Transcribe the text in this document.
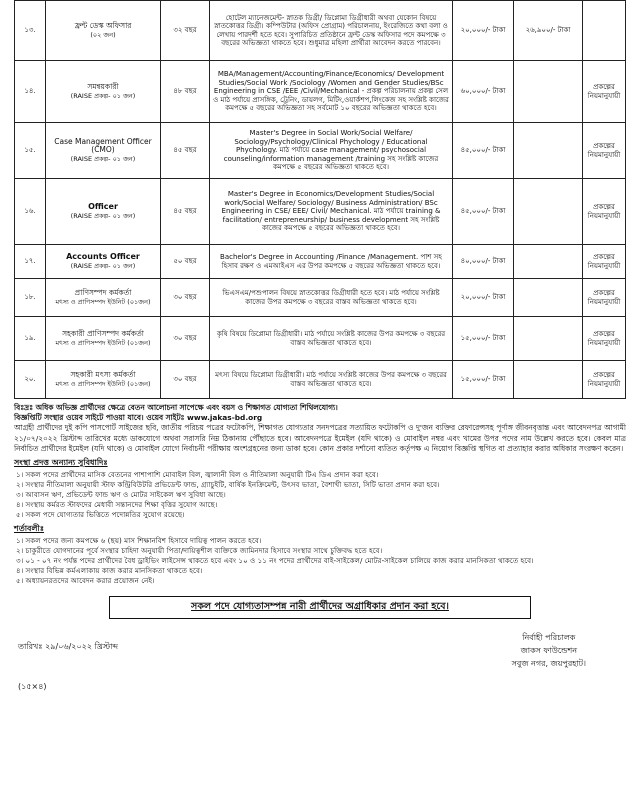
১৩.	ফ্রন্ট ডেস্ক অফিসার
(০২ জন)	৩২ বছর	হোটেল ম্যানেজমেন্ট- স্নাতক ডিগ্রী/ ডিপ্লোমা ডিগ্রীধারী অথবা যেকোন বিষয়ে স্নাতকোত্তর ডিগ্রী। কম্পিউটার (অফিস প্রোগ্রাম) পরিচালনায়, ইংরেজিতে কথা বলা ও লেখায় পারদর্শী হতে হবে। সুপারিচিত প্রতিষ্ঠানে ফ্রন্ট ডেস্ক অফিসার পদে কমপক্ষে ৩ বছরের অভিজ্ঞতা থাকতে হবে। শুধুমাত্র মহিলা প্রার্থীরা আবেদন করতে পারবেন।	২০,০০০/- টাকা	২৬,৯০০/- টাকা	
১৪.	সমন্বয়কারী
(RAISE প্রকল্প- ০১ জন)	৪৮ বছর	MBA/Management/Accounting/Finance/Economics/ Development Studies/Social Work /Sociology /Women and Gender Studies/BSc Engineering in CSE /EEE /Civil/Mechanical - প্রকল্প পরিচালনায় প্রকল্প সেল ও মাঠ পর্যায়ে প্রাসঙ্গিক, ট্রেনিং, ডায়লগ, মিটিং,ওয়ার্কশপ,লিংকেজ সহ সংশ্লিষ্ট কাজের কমপক্ষে ৫ বছরের অভিজ্ঞতা সহ সর্বমোট ১০ বছরের অভিজ্ঞতা থাকতে হবে।	৬০,০০০/- টাকা		প্রকল্পের নিয়মানুযায়ী
১৫.	Case Management Officer (CMO)
(RAISE প্রকল্প- ০১ জন)	৪৫ বছর	Master's Degree in Social Work/Social Welfare/ Sociology/Psychology/Clinical Phychology / Educational Phychology. মাঠ পর্যায়ে case management/ psychosocial counseling/information management /training সহ সংশ্লিষ্ট কাজের কমপক্ষে ৫ বছরের অভিজ্ঞতা থাকতে হবে।	৪৫,০০০/- টাকা		প্রকল্পের নিয়মানুযায়ী
১৬.	Officer
(RAISE প্রকল্প- ০১ জন)	৪৫ বছর	Master's Degree in Economics/Development Studies/Social work/Social Welfare/ Sociology/ Business Administration/ BSc Engineering in CSE/ EEE/ Civil/ Mechanical. মাঠ পর্যায়ে training & facilitation/ entrepreneurship/ business development সহ সংশ্লিষ্ট কাজের কমপক্ষে ৫ বছরের অভিজ্ঞতা থাকতে হবে।	৪৫,০০০/- টাকা		প্রকল্পের নিয়মানুযায়ী
১৭.	Accounts Officer
(RAISE প্রকল্প- ০১ জন)	৫০ বছর	Bachelor's Degree in Accounting /Finance /Management. পাশ সহ হিসাব রক্ষণ ও এমআইএস এর উপর কমপক্ষে ৫ বছরের অভিজ্ঞতা থাকতে হবে।	৪০,০০০/- টাকা		প্রকল্পের নিয়মানুযায়ী
১৮.	প্রাণিসম্পদ কর্মকর্তা
মৎস্য ও প্রাণিসম্পদ ইউনিট (০১জন)	৩০ বছর	ভিএসএম/পশুপালন বিষয়ে স্নাতকোত্তর ডিগ্রীধারী হতে হবে। মাঠ পর্যায়ে সংশ্লিষ্ট কাজের উপর কমপক্ষে ৩ বছরের বাস্তব অভিজ্ঞতা থাকতে হবে।	২০,০০০/- টাকা		প্রকল্পের নিয়মানুযায়ী
১৯.	সহকারী প্রাণিসম্পদ কর্মকর্তা
মৎস্য ও প্রাণিসম্পদ ইউনিট (০১জন)	৩০ বছর	কৃষি বিষয়ে ডিপ্লোমা ডিগ্রীধারী। মাঠ পর্যায়ে সংশ্লিষ্ট কাজের উপর কমপক্ষে ৩ বছরের বাস্তব অভিজ্ঞতা থাকতে হবে।	১৫,০০০/- টাকা		প্রকল্পের নিয়মানুযায়ী
২০.	সহকারী মৎস্য কর্মকর্তা
মৎস্য ও প্রাণিসম্পদ ইউনিট (০১জন)	৩০ বছর	মৎস্য বিষয়ে ডিপ্লোমা ডিগ্রীধারী। মাঠ পর্যায়ে সংশ্লিষ্ট কাজের উপর কমপক্ষে ৩ বছরের বাস্তব অভিজ্ঞতা থাকতে হবে।	১৫,০০০/- টাকা		প্রকল্পের নিয়মানুযায়ী
বিঃদ্রঃ অধিক অভিজ্ঞ প্রার্থীদের ক্ষেত্রে বেতন আলোচনা সাপেক্ষে এবং বয়স ও শিক্ষাগত যোগ্যতা শিথিলযোগ্য।
বিজ্ঞপ্তিটি সংস্থার ওয়েব সাইটে পাওয়া যাবে। ওয়েব সাইটঃ www.jakas-bd.org
আগ্রহী প্রার্থীদের দুই কপি পাসপোর্ট সাইজের ছবি, জাতীয় পরিচয় পত্রের ফটোকপি, শিক্ষাগত যোগ্যতার সনদপত্রের সত্যায়িত ফটোকপি ও দু'জন ব্যক্তির রেফারেন্সসহ পূর্ণাঙ্গ জীবনবৃত্তান্ত এবং আবেদনপত্র আগামী ২১/০৭/২০২২ খ্রিস্টাব্দ তারিখের মধ্যে ডাকযোগে অথবা সরাসরি নিম্ন ঠিকানায় পৌঁছাতে হবে। আবেদনপত্রে ইমেইল (যদি থাকে) ও মোবাইল নম্বর এবং খামের উপর পদের নাম উল্লেখ করতে হবে। কেবল মাত্র নির্বাচিত প্রার্থীদের ইমেইল (যদি থাকে) ও মোবাইল যোগে নির্বাচনী পরীক্ষায় অংশগ্রহনের জন্য ডাকা হবে। কোন প্রকার দর্শানো ব্যতিত কর্তৃপক্ষ এ নিয়োগ বিজ্ঞপ্তি স্থগিত বা প্রত্যাহার করার অধিকার সংরক্ষণ করেন।
সংস্থা প্রদত্ত অন্যান্য সুবিধাদিঃ
১। সকল পদের প্রার্থীদের মাসিক বেতনের পাশাপাশি মোবাইল বিল, জ্বালানী বিল ও নীতিমালা অনুযায়ী টিএ ডিএ প্রদান করা হবে।
২। সংস্থার নীতিমালা অনুযায়ী স্টাফ কন্ট্রিবিউটরি প্রভিডেন্ট ফান্ড, গ্র্যাচুইটি, বার্ষিক ইনক্রিমেন্ট, উৎসব ভাতা, বৈশাখী ভাতা, সিটি ভাতা প্রদান করা হবে।
৩। আবাসন ঋণ, প্রভিডেন্ট ফান্ড ঋণ ও মোটর সাইকেল ঋণ সুবিধা আছে।
৪। সংস্থায় কর্মরত স্টাফদের মেধাবী সন্তানদের শিক্ষা বৃত্তির সুযোগ আছে।
৫। সকল পদে যোগ্যতার ভিত্তিতে পদোন্নতির সুযোগ রয়েছে।
শর্তাবলীঃ
১। সকল পদের জন্য কমপক্ষে ৬ (ছয়) মাস শিক্ষানবিশ হিসাবে দায়িত্ব পালন করতে হবে।
২। চাকুরীতে যোগদানের পূর্বে সংস্থার চাহিদা অনুযায়ী পিতা/দায়িত্বশীল ব্যক্তিকে জামিনদার হিসাবে সংস্থার সাথে চুক্তিবদ্ধ হতে হবে।
৩। ০১ - ০৭ নং পর্যন্ত পদের প্রার্থীদের বৈধ ড্রাইভিং লাইসেন্স থাকতে হবে এবং ১০ ও ১১ নং পদের প্রার্থীদের বাই-সাইকেল/ মোটর-সাইকেল চালিয়ে কাজ করার মানসিকতা থাকতে হবে।
৪। সংস্থার বিভিন্ন কর্মএলাকায় কাজ করার মানসিকতা থাকতে হবে।
৫। অধ্যায়নরতদের আবেদন করার প্রয়োজন নেই।
সকল পদে যোগ্যতাসম্পন্ন নারী প্রার্থীদের অগ্রাধিকার প্রদান করা হবে।
তারিখঃ ২৯/০৬/২০২২ খ্রিস্টাব্দ
নির্বাহী পরিচালক
জাকস ফাউন্ডেশন
সবুজ নগর, জয়পুরহাট।
(১৫×৪)
